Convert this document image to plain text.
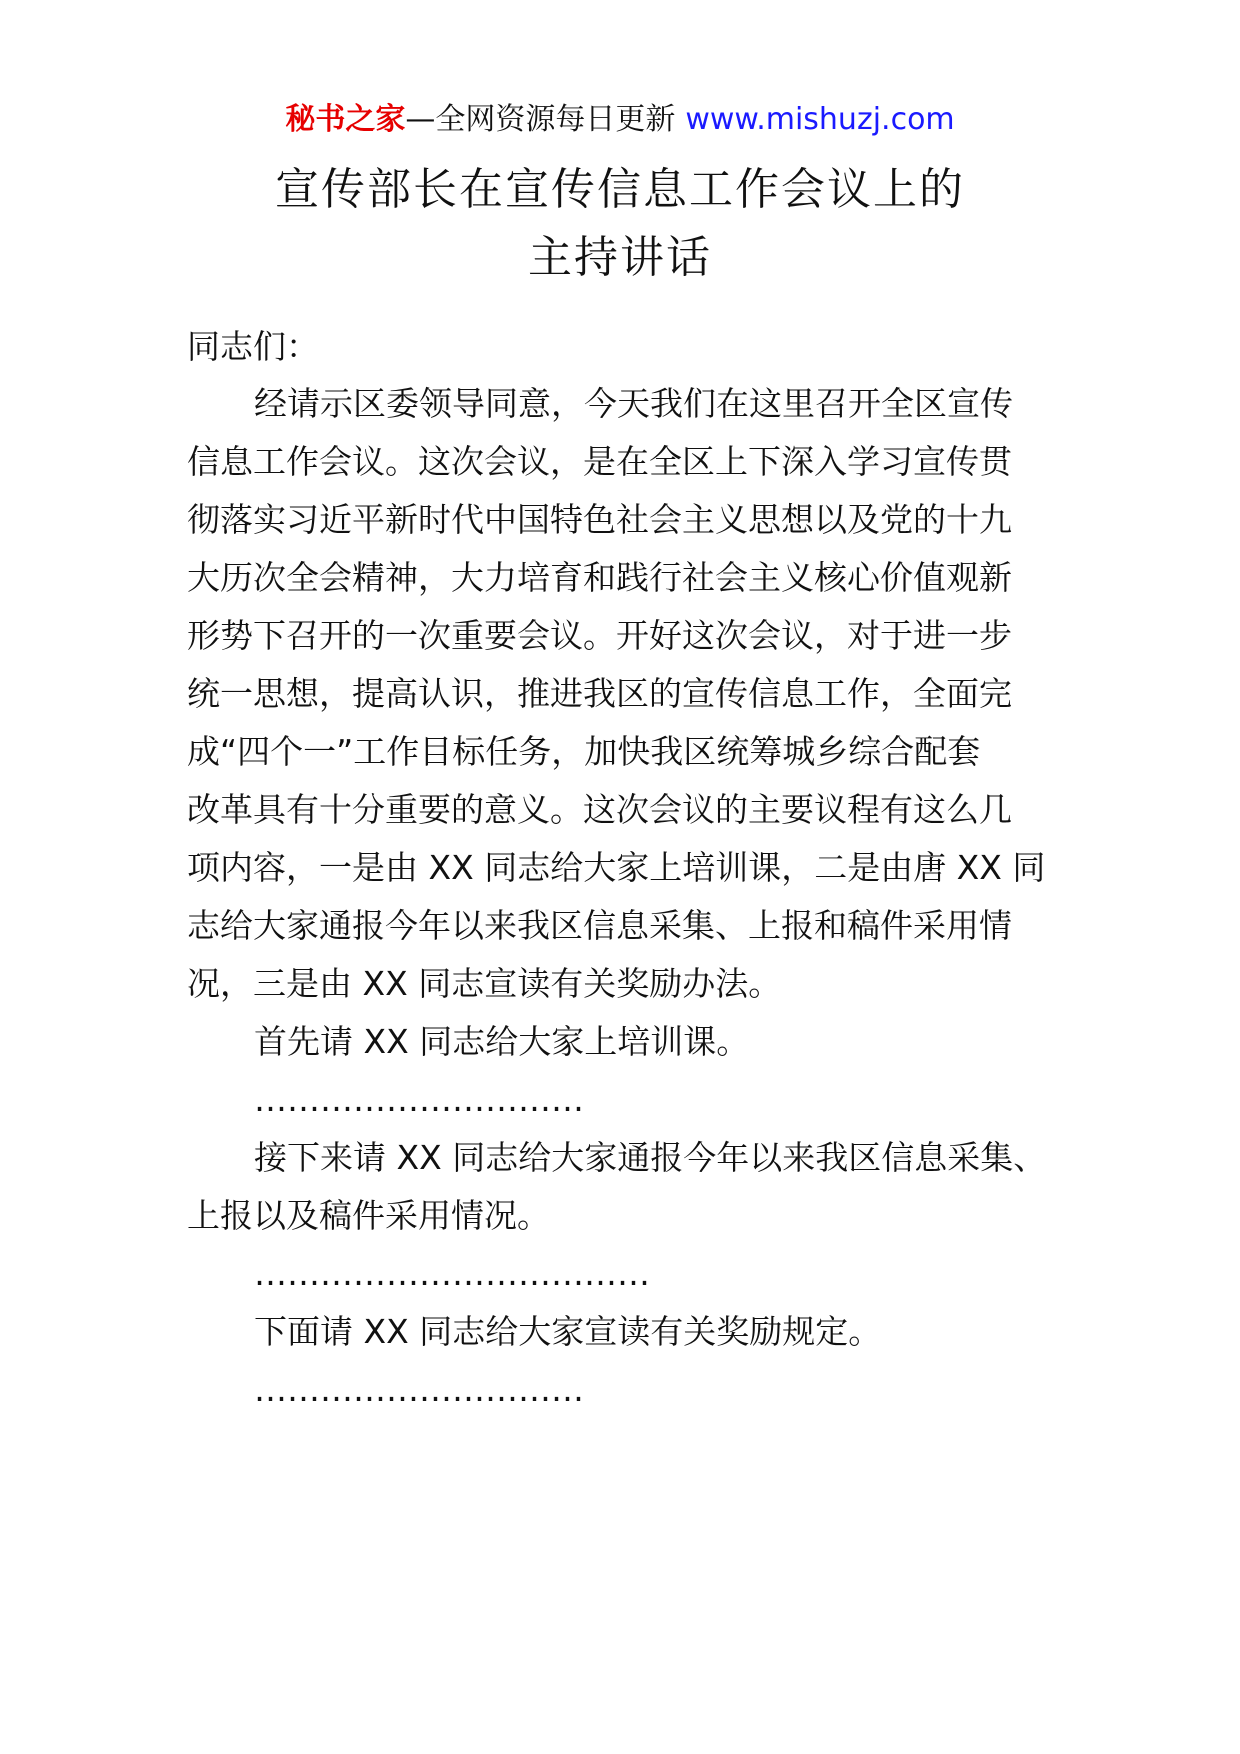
秘书之家—全网资源每日更新 www.mishuzj.com
宣传部长在宣传信息工作会议上的
主持讲话
同志们：
经请示区委领导同意，今天我们在这里召开全区宣传
信息工作会议。这次会议，是在全区上下深入学习宣传贯
彻落实习近平新时代中国特色社会主义思想以及党的十九
大历次全会精神，大力培育和践行社会主义核心价值观新
形势下召开的一次重要会议。开好这次会议，对于进一步
统一思想，提高认识，推进我区的宣传信息工作，全面完
成“四个一”工作目标任务，加快我区统筹城乡综合配套
改革具有十分重要的意义。这次会议的主要议程有这么几
项内容，一是由 XX 同志给大家上培训课，二是由唐 XX 同
志给大家通报今年以来我区信息采集、上报和稿件采用情
况，三是由 XX 同志宣读有关奖励办法。
首先请 XX 同志给大家上培训课。
…………………………
接下来请 XX 同志给大家通报今年以来我区信息采集、
上报以及稿件采用情况。
………………………………
下面请 XX 同志给大家宣读有关奖励规定。
…………………………
